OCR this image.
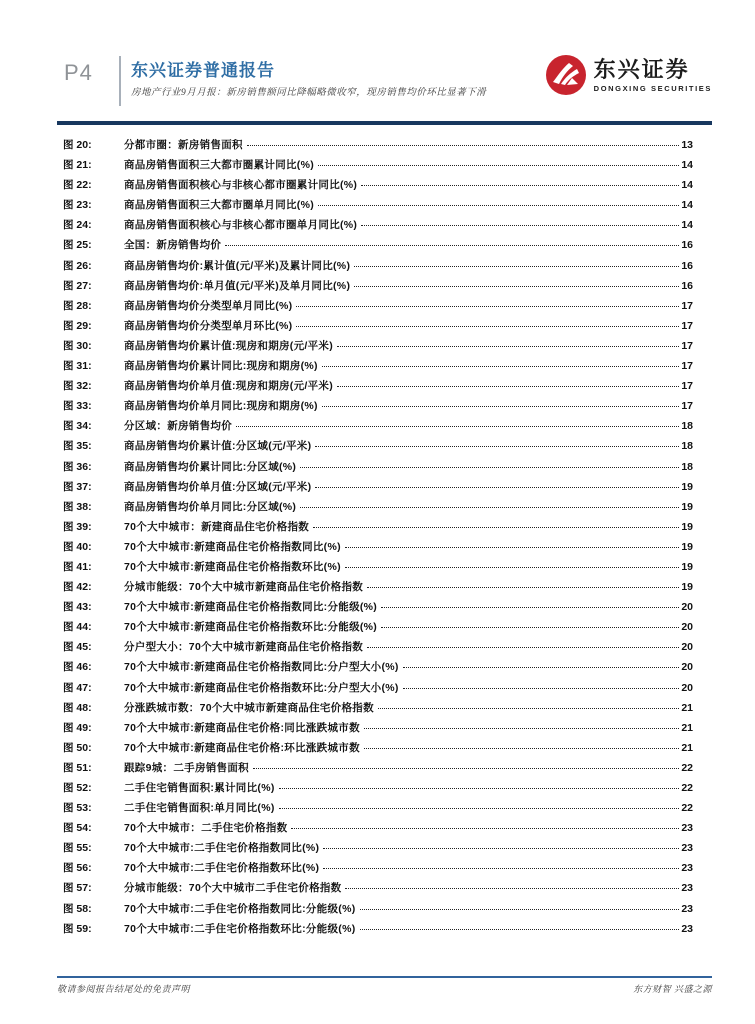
P4 东兴证券普通报告
房地产行业9月月报：新房销售额同比降幅略微收窄，现房销售均价环比显著下滑
东兴证券
DONGXING SECURITIES
图 20:	分都市圈：新房销售面积	13
图 21:	商品房销售面积三大都市圈累计同比(%)	14
图 22:	商品房销售面积核心与非核心都市圈累计同比(%)	14
图 23:	商品房销售面积三大都市圈单月同比(%)	14
图 24:	商品房销售面积核心与非核心都市圈单月同比(%)	14
图 25:	全国：新房销售均价	16
图 26:	商品房销售均价:累计值(元/平米)及累计同比(%)	16
图 27:	商品房销售均价:单月值(元/平米)及单月同比(%)	16
图 28:	商品房销售均价分类型单月同比(%)	17
图 29:	商品房销售均价分类型单月环比(%)	17
图 30:	商品房销售均价累计值:现房和期房(元/平米)	17
图 31:	商品房销售均价累计同比:现房和期房(%)	17
图 32:	商品房销售均价单月值:现房和期房(元/平米)	17
图 33:	商品房销售均价单月同比:现房和期房(%)	17
图 34:	分区域：新房销售均价	18
图 35:	商品房销售均价累计值:分区域(元/平米)	18
图 36:	商品房销售均价累计同比:分区域(%)	18
图 37:	商品房销售均价单月值:分区域(元/平米)	19
图 38:	商品房销售均价单月同比:分区域(%)	19
图 39:	70个大中城市：新建商品住宅价格指数	19
图 40:	70个大中城市:新建商品住宅价格指数同比(%)	19
图 41:	70个大中城市:新建商品住宅价格指数环比(%)	19
图 42:	分城市能级：70个大中城市新建商品住宅价格指数	19
图 43:	70个大中城市:新建商品住宅价格指数同比:分能级(%)	20
图 44:	70个大中城市:新建商品住宅价格指数环比:分能级(%)	20
图 45:	分户型大小：70个大中城市新建商品住宅价格指数	20
图 46:	70个大中城市:新建商品住宅价格指数同比:分户型大小(%)	20
图 47:	70个大中城市:新建商品住宅价格指数环比:分户型大小(%)	20
图 48:	分涨跌城市数：70个大中城市新建商品住宅价格指数	21
图 49:	70个大中城市:新建商品住宅价格:同比涨跌城市数	21
图 50:	70个大中城市:新建商品住宅价格:环比涨跌城市数	21
图 51:	跟踪9城：二手房销售面积	22
图 52:	二手住宅销售面积:累计同比(%)	22
图 53:	二手住宅销售面积:单月同比(%)	22
图 54:	70个大中城市：二手住宅价格指数	23
图 55:	70个大中城市:二手住宅价格指数同比(%)	23
图 56:	70个大中城市:二手住宅价格指数环比(%)	23
图 57:	分城市能级：70个大中城市二手住宅价格指数	23
图 58:	70个大中城市:二手住宅价格指数同比:分能级(%)	23
图 59:	70个大中城市:二手住宅价格指数环比:分能级(%)	23
敬请参阅报告结尾处的免责声明	东方财智 兴盛之源
